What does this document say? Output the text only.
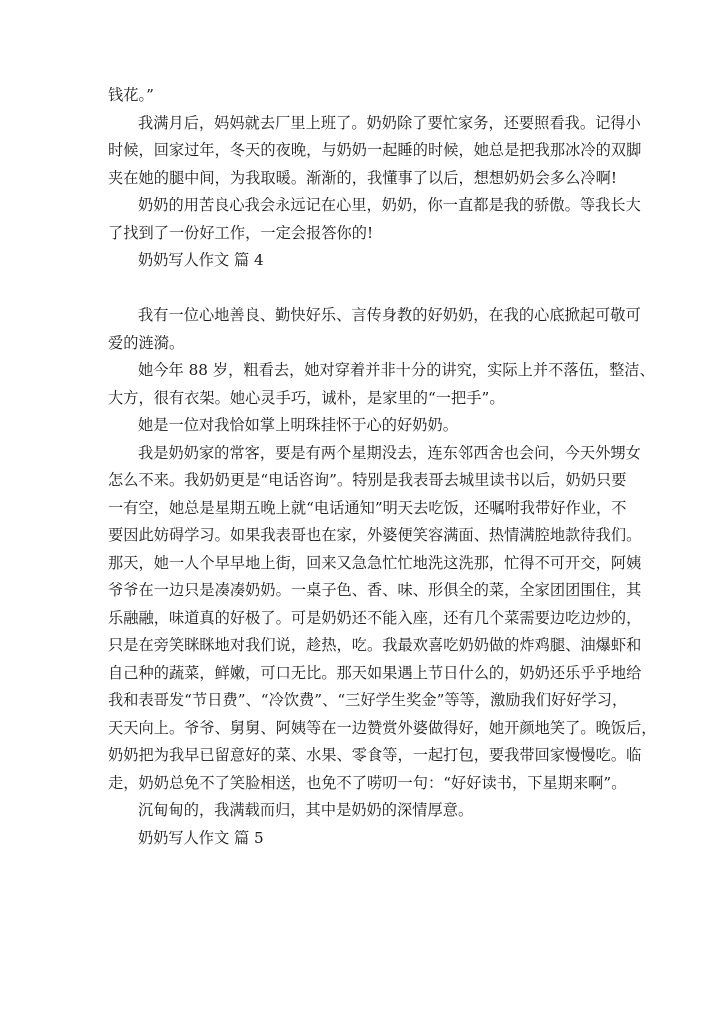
钱花。”
我满月后，妈妈就去厂里上班了。奶奶除了要忙家务，还要照看我。记得小
时候，回家过年，冬天的夜晚，与奶奶一起睡的时候，她总是把我那冰冷的双脚
夹在她的腿中间，为我取暖。渐渐的，我懂事了以后，想想奶奶会多么冷啊!
奶奶的用苦良心我会永远记在心里，奶奶，你一直都是我的骄傲。等我长大
了找到了一份好工作，一定会报答你的!
奶奶写人作文 篇 4
我有一位心地善良、勤快好乐、言传身教的好奶奶，在我的心底掀起可敬可
爱的涟漪。
她今年 88 岁，粗看去，她对穿着并非十分的讲究，实际上并不落伍，整洁、
大方，很有衣架。她心灵手巧，诚朴，是家里的“一把手”。
她是一位对我恰如掌上明珠挂怀于心的好奶奶。
我是奶奶家的常客，要是有两个星期没去，连东邻西舍也会问，今天外甥女
怎么不来。我奶奶更是“电话咨询”。特别是我表哥去城里读书以后，奶奶只要
一有空，她总是星期五晚上就“电话通知”明天去吃饭，还嘱咐我带好作业，不
要因此妨碍学习。如果我表哥也在家，外婆便笑容满面、热情满腔地款待我们。
那天，她一人个早早地上街，回来又急急忙忙地洗这洗那，忙得不可开交，阿姨
爷爷在一边只是凑凑奶奶。一桌子色、香、味、形俱全的菜，全家团团围住，其
乐融融，味道真的好极了。可是奶奶还不能入座，还有几个菜需要边吃边炒的，
只是在旁笑眯眯地对我们说，趁热，吃。我最欢喜吃奶奶做的炸鸡腿、油爆虾和
自己种的蔬菜，鲜嫩，可口无比。那天如果遇上节日什么的，奶奶还乐乎乎地给
我和表哥发“节日费”、“冷饮费”、“三好学生奖金”等等，激励我们好好学习，
天天向上。爷爷、舅舅、阿姨等在一边赞赏外婆做得好，她开颜地笑了。晚饭后，
奶奶把为我早已留意好的菜、水果、零食等，一起打包，要我带回家慢慢吃。临
走，奶奶总免不了笑脸相送，也免不了唠叨一句：“好好读书，下星期来啊”。
沉甸甸的，我满载而归，其中是奶奶的深情厚意。
奶奶写人作文 篇 5
